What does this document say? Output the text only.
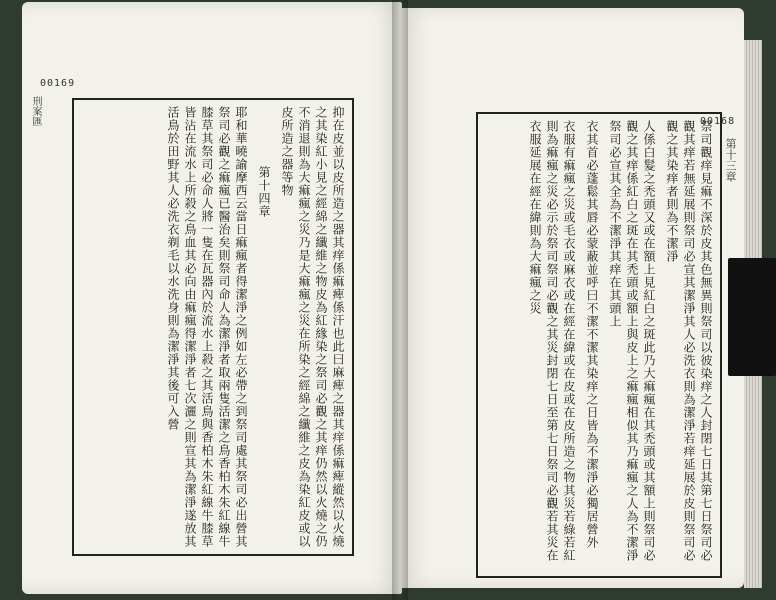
00169
刑案匯	抑在皮並以皮所造之器其痒係痲痺係汗也此曰麻痺之器其痒係痲痺縱然以火燒之其染紅小見之經綿之纖維之物皮為紅緣染之祭司必觀之其痒仍然以火燒之仍不消退則為大痲瘋之災乃是大痲瘋之災在所染之經綿之纖維之皮為染紅皮或以皮所造之器等物

第十四章

耶和華曉諭摩西云當日痲瘋者得潔淨之例如左必帶之到祭司處其祭司必出營其祭司必觀之痲瘋已醫治矣則祭司命人為潔淨者取兩隻活潔之鳥香柏木朱紅線牛膝草其祭司必命人將一隻在瓦器內於流水上殺之其活鳥與香柏木朱紅線牛膝草皆沾在流水上所殺之鳥血其必向由痲瘋得潔淨者七次灑之則宣其為潔淨遂放其活鳥於田野其人必洗衣剃毛以水洗身則為潔淨其後可入營	00168
第十三章

祭司觀痒見痲不深於皮其色無異則祭司以彼染痒之人封閉七日其第七日祭司必觀其痒若無延展則祭司必宣其潔淨其人必洗衣則為潔淨若痒延展於皮則祭司必觀之其染痒者則為不潔淨

人係白髮之禿頭又或在額上見紅白之斑此乃大痲瘋在其禿頭或其額上則祭司必觀之其痒係紅白之斑在其禿頭或額上與皮上之痲瘋相似其乃痲瘋之人為不潔淨祭司必宣其全為不潔淨其痒在其頭上

衣其首必蓬鬆其唇必蒙蔽並呼曰不潔不潔其染痒之日皆為不潔淨必獨居營外

衣服有痲瘋之災或毛衣或麻衣或在經在緯或在皮或在皮所造之物其災若綠若紅則為痲瘋之災必示於祭司祭司必觀之其災封閉七日至第七日祭司必觀若其災在衣服延展在經在緯則為大痲瘋之災
